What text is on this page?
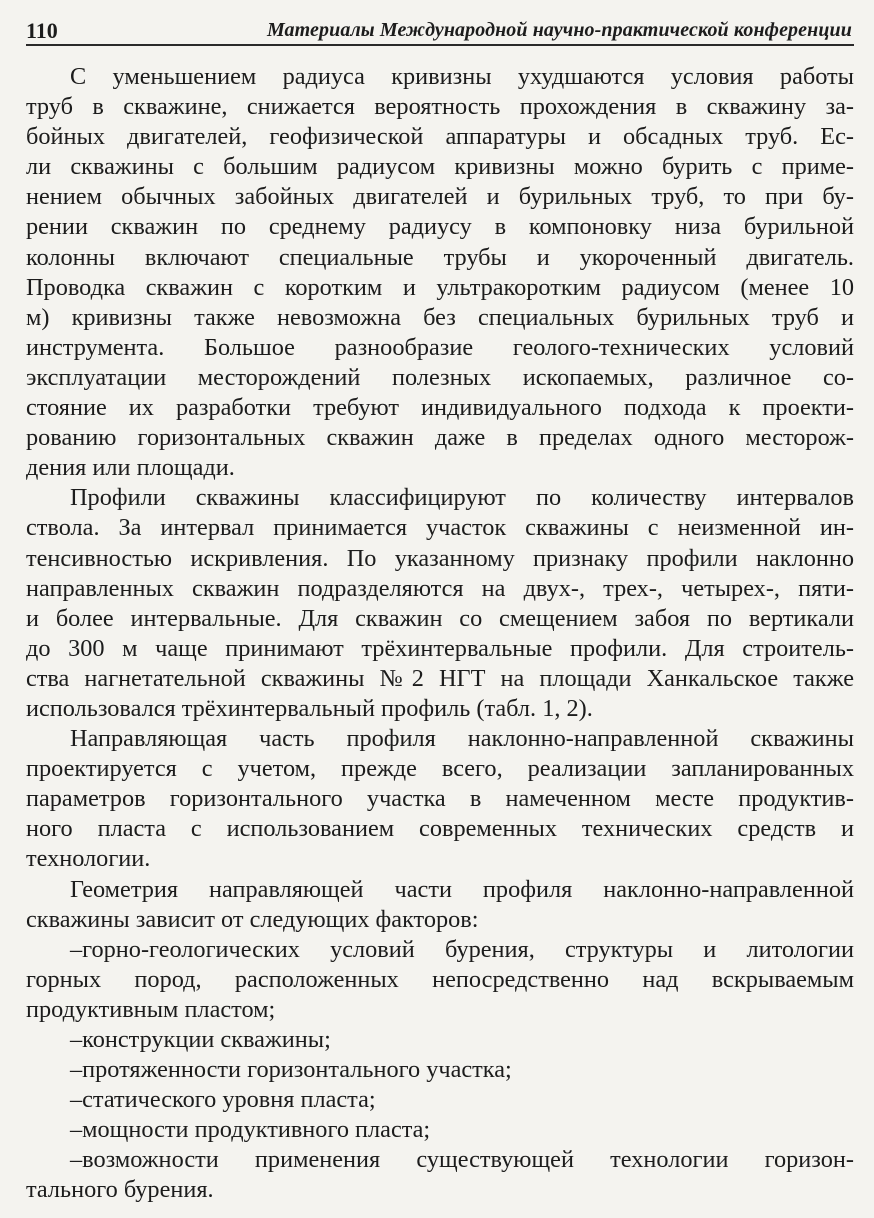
110	Материалы Международной научно-практической конференции

С уменьшением радиуса кривизны ухудшаются условия работы
труб в скважине, снижается вероятность прохождения в скважину за-
бойных двигателей, геофизической аппаратуры и обсадных труб. Ес-
ли скважины с большим радиусом кривизны можно бурить с приме-
нением обычных забойных двигателей и бурильных труб, то при бу-
рении скважин по среднему радиусу в компоновку низа бурильной
колонны включают специальные трубы и укороченный двигатель.
Проводка скважин с коротким и ультракоротким радиусом (менее 10
м) кривизны также невозможна без специальных бурильных труб и
инструмента. Большое разнообразие геолого-технических условий
эксплуатации месторождений полезных ископаемых, различное со-
стояние их разработки требуют индивидуального подхода к проекти-
рованию горизонтальных скважин даже в пределах одного месторож-
дения или площади.

Профили скважины классифицируют по количеству интервалов
ствола. За интервал принимается участок скважины с неизменной ин-
тенсивностью искривления. По указанному признаку профили наклонно
направленных скважин подразделяются на двух-, трех-, четырех-, пяти-
и более интервальные. Для скважин со смещением забоя по вертикали
до 300 м чаще принимают трёхинтервальные профили. Для строитель-
ства нагнетательной скважины №2 НГТ на площади Ханкальское также
использовался трёхинтервальный профиль (табл. 1, 2).

Направляющая часть профиля наклонно-направленной скважины
проектируется с учетом, прежде всего, реализации запланированных
параметров горизонтального участка в намеченном месте продуктив-
ного пласта с использованием современных технических средств и
технологии.

Геометрия направляющей части профиля наклонно-направленной
скважины зависит от следующих факторов:

–горно-геологических условий бурения, структуры и литологии
горных пород, расположенных непосредственно над вскрываемым
продуктивным пластом;

–конструкции скважины;

–протяженности горизонтального участка;

–статического уровня пласта;

–мощности продуктивного пласта;

–возможности применения существующей технологии горизон-
тального бурения.
